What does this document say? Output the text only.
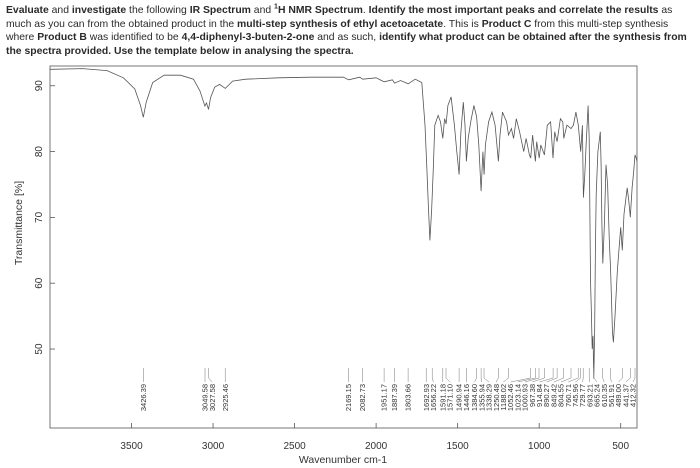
Evaluate and investigate the following IR Spectrum and $^1$H NMR Spectrum. Identify the most important peaks and correlate the results as much as you can from the obtained product in the multi-step synthesis of ethyl acetoacetate. This is Product C from this multi-step synthesis where Product B was identified to be 4,4-diphenyl-3-buten-2-one and as such, identify what product can be obtained after the synthesis from the spectra provided. Use the template below in analysing the spectra.
50
60
70
80
90
3500	3000	2500	2000	1500	1000	500
Transmittance [%]
Wavenumber cm-1
3426.39	3049.58
3027.58 2925.46	2169.15 2082.73 1951.17 1887.39 1803.66 1692.93
1656.22 1591.18
1571.10 1490.94
1446.16 1384.60
1355.94
1338.29
1250.48
1188.02
1052.46
1023.14
1000.93
967.38
914.84
890.27
849.42
804.55
760.71
745.96
729.77
693.21
665.24
610.35
561.91
489.00
441.37
412.32
